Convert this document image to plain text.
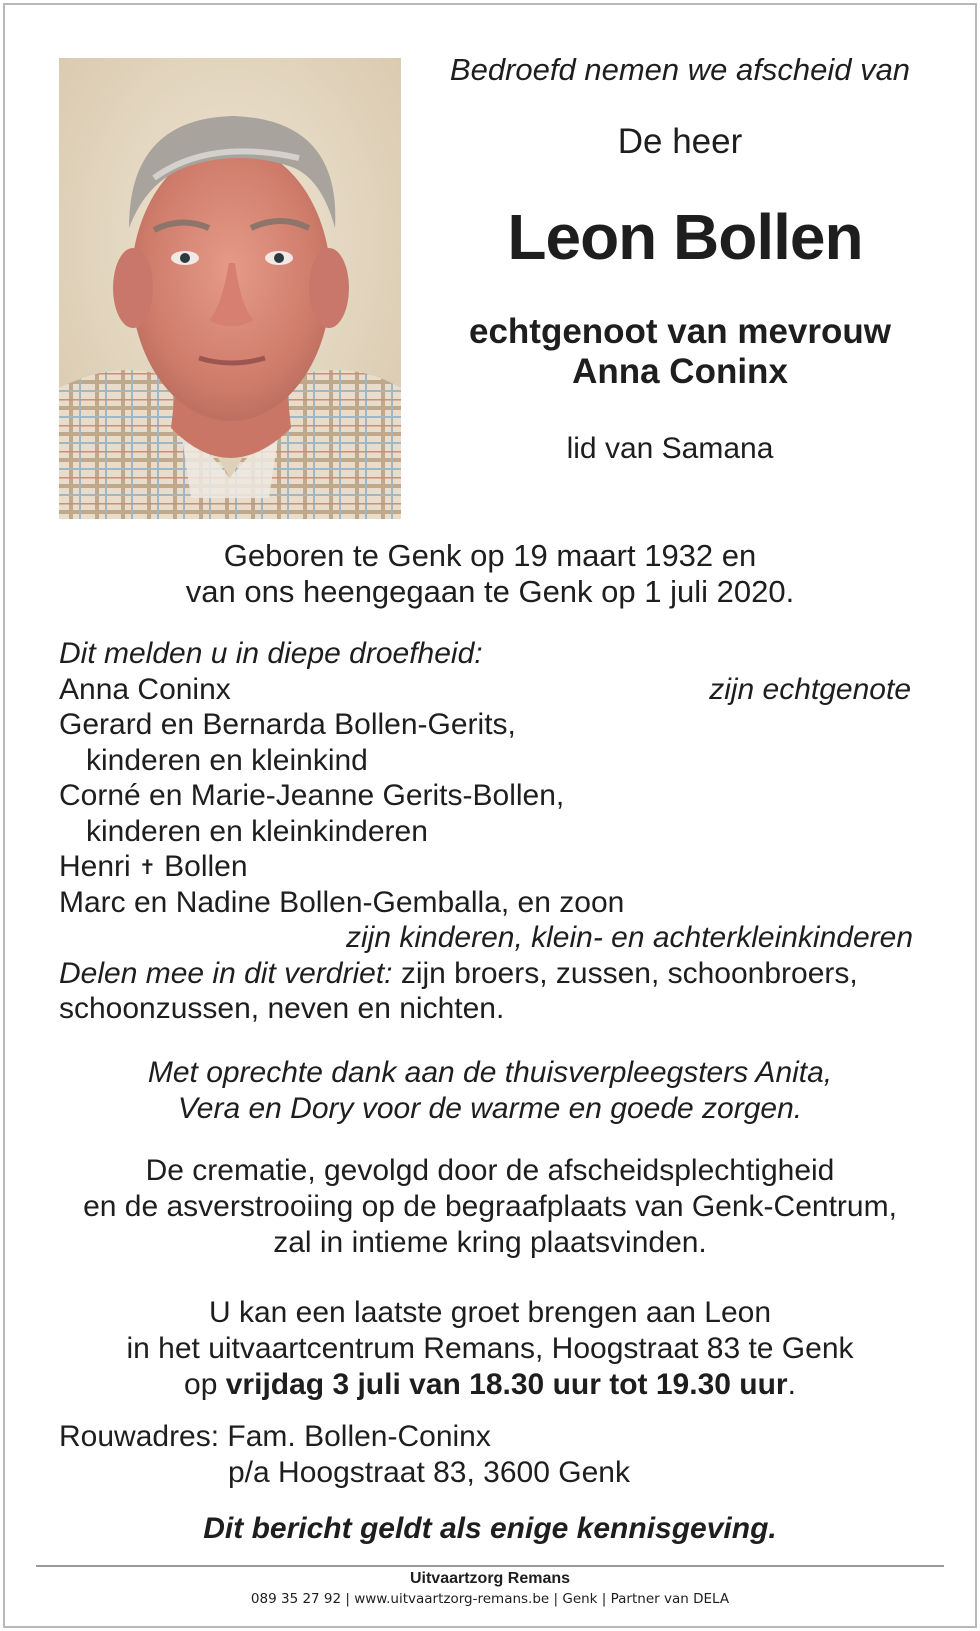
Bedroefd nemen we afscheid van
De heer
Leon Bollen
echtgenoot van mevrouw
Anna Coninx
lid van Samana
Geboren te Genk op 19 maart 1932 en
van ons heengegaan te Genk op 1 juli 2020.
Dit melden u in diepe droefheid:
Anna Coninx	zijn echtgenote
Gerard en Bernarda Bollen-Gerits,
kinderen en kleinkind
Corné en Marie-Jeanne Gerits-Bollen,
kinderen en kleinkinderen
Henri ✝ Bollen
Marc en Nadine Bollen-Gemballa, en zoon
zijn kinderen, klein- en achterkleinkinderen
Delen mee in dit verdriet: zijn broers, zussen, schoonbroers,
schoonzussen, neven en nichten.
Met oprechte dank aan de thuisverpleegsters Anita,
Vera en Dory voor de warme en goede zorgen.
De crematie, gevolgd door de afscheidsplechtigheid
en de asverstrooiing op de begraafplaats van Genk-Centrum,
zal in intieme kring plaatsvinden.
U kan een laatste groet brengen aan Leon
in het uitvaartcentrum Remans, Hoogstraat 83 te Genk
op vrijdag 3 juli van 18.30 uur tot 19.30 uur.
Rouwadres: Fam. Bollen-Coninx
p/a Hoogstraat 83, 3600 Genk
Dit bericht geldt als enige kennisgeving.
Uitvaartzorg Remans
089 35 27 92 | www.uitvaartzorg-remans.be | Genk | Partner van DELA
